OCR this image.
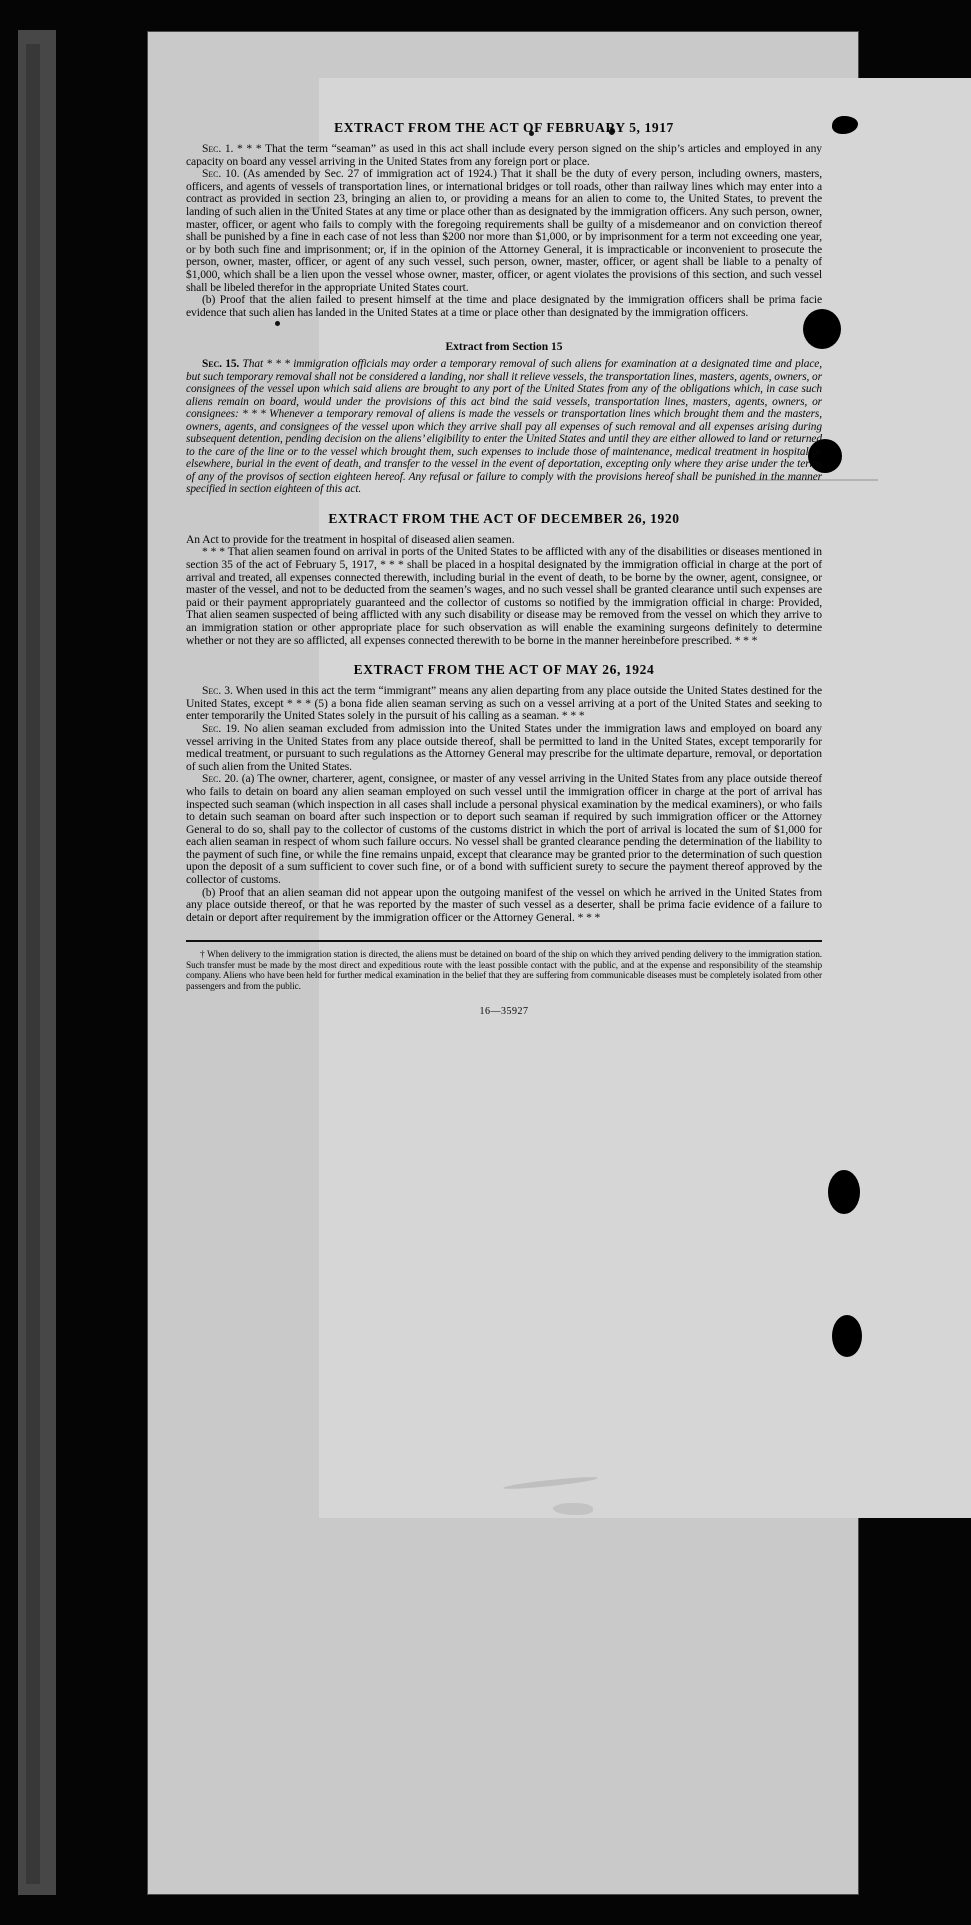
EXTRACT FROM THE ACT OF FEBRUARY 5, 1917

Sec. 1. * * * That the term “seaman” as used in this act shall include every person signed on the ship’s articles and employed in any capacity on board any vessel arriving in the United States from any foreign port or place.

Sec. 10. (As amended by Sec. 27 of immigration act of 1924.) That it shall be the duty of every person, including owners, masters, officers, and agents of vessels of transportation lines, or international bridges or toll roads, other than railway lines which may enter into a contract as provided in section 23, bringing an alien to, or providing a means for an alien to come to, the United States, to prevent the landing of such alien in the United States at any time or place other than as designated by the immigration officers. Any such person, owner, master, officer, or agent who fails to comply with the foregoing requirements shall be guilty of a misdemeanor and on conviction thereof shall be punished by a fine in each case of not less than $200 nor more than $1,000, or by imprisonment for a term not exceeding one year, or by both such fine and imprisonment; or, if in the opinion of the Attorney General, it is impracticable or inconvenient to prosecute the person, owner, master, officer, or agent of any such vessel, such person, owner, master, officer, or agent shall be liable to a penalty of $1,000, which shall be a lien upon the vessel whose owner, master, officer, or agent violates the provisions of this section, and such vessel shall be libeled therefor in the appropriate United States court.

(b) Proof that the alien failed to present himself at the time and place designated by the immigration officers shall be prima facie evidence that such alien has landed in the United States at a time or place other than designated by the immigration officers.

Extract from Section 15

Sec. 15. That * * * immigration officials may order a temporary removal of such aliens for examination at a designated time and place, but such temporary removal shall not be considered a landing, nor shall it relieve vessels, the transportation lines, masters, agents, owners, or consignees of the vessel upon which said aliens are brought to any port of the United States from any of the obligations which, in case such aliens remain on board, would under the provisions of this act bind the said vessels, transportation lines, masters, agents, owners, or consignees: * * * Whenever a temporary removal of aliens is made the vessels or transportation lines which brought them and the masters, owners, agents, and consignees of the vessel upon which they arrive shall pay all expenses of such removal and all expenses arising during subsequent detention, pending decision on the aliens’ eligibility to enter the United States and until they are either allowed to land or returned to the care of the line or to the vessel which brought them, such expenses to include those of maintenance, medical treatment in hospital or elsewhere, burial in the event of death, and transfer to the vessel in the event of deportation, excepting only where they arise under the terms of any of the provisos of section eighteen hereof. Any refusal or failure to comply with the provisions hereof shall be punished in the manner specified in section eighteen of this act.

EXTRACT FROM THE ACT OF DECEMBER 26, 1920

An Act to provide for the treatment in hospital of diseased alien seamen.

* * * That alien seamen found on arrival in ports of the United States to be afflicted with any of the disabilities or diseases mentioned in section 35 of the act of February 5, 1917, * * * shall be placed in a hospital designated by the immigration official in charge at the port of arrival and treated, all expenses connected therewith, including burial in the event of death, to be borne by the owner, agent, consignee, or master of the vessel, and not to be deducted from the seamen’s wages, and no such vessel shall be granted clearance until such expenses are paid or their payment appropriately guaranteed and the collector of customs so notified by the immigration official in charge: Provided, That alien seamen suspected of being afflicted with any such disability or disease may be removed from the vessel on which they arrive to an immigration station or other appropriate place for such observation as will enable the examining surgeons definitely to determine whether or not they are so afflicted, all expenses connected therewith to be borne in the manner hereinbefore prescribed. * * *

EXTRACT FROM THE ACT OF MAY 26, 1924

Sec. 3. When used in this act the term “immigrant” means any alien departing from any place outside the United States destined for the United States, except * * * (5) a bona fide alien seaman serving as such on a vessel arriving at a port of the United States and seeking to enter temporarily the United States solely in the pursuit of his calling as a seaman. * * *

Sec. 19. No alien seaman excluded from admission into the United States under the immigration laws and employed on board any vessel arriving in the United States from any place outside thereof, shall be permitted to land in the United States, except temporarily for medical treatment, or pursuant to such regulations as the Attorney General may prescribe for the ultimate departure, removal, or deportation of such alien from the United States.

Sec. 20. (a) The owner, charterer, agent, consignee, or master of any vessel arriving in the United States from any place outside thereof who fails to detain on board any alien seaman employed on such vessel until the immigration officer in charge at the port of arrival has inspected such seaman (which inspection in all cases shall include a personal physical examination by the medical examiners), or who fails to detain such seaman on board after such inspection or to deport such seaman if required by such immigration officer or the Attorney General to do so, shall pay to the collector of customs of the customs district in which the port of arrival is located the sum of $1,000 for each alien seaman in respect of whom such failure occurs. No vessel shall be granted clearance pending the determination of the liability to the payment of such fine, or while the fine remains unpaid, except that clearance may be granted prior to the determination of such question upon the deposit of a sum sufficient to cover such fine, or of a bond with sufficient surety to secure the payment thereof approved by the collector of customs.

(b) Proof that an alien seaman did not appear upon the outgoing manifest of the vessel on which he arrived in the United States from any place outside thereof, or that he was reported by the master of such vessel as a deserter, shall be prima facie evidence of a failure to detain or deport after requirement by the immigration officer or the Attorney General. * * *

† When delivery to the immigration station is directed, the aliens must be detained on board of the ship on which they arrived pending delivery to the immigration station. Such transfer must be made by the most direct and expeditious route with the least possible contact with the public, and at the expense and responsibility of the steamship company. Aliens who have been held for further medical examination in the belief that they are suffering from communicable diseases must be completely isolated from other passengers and from the public.

16—35927
